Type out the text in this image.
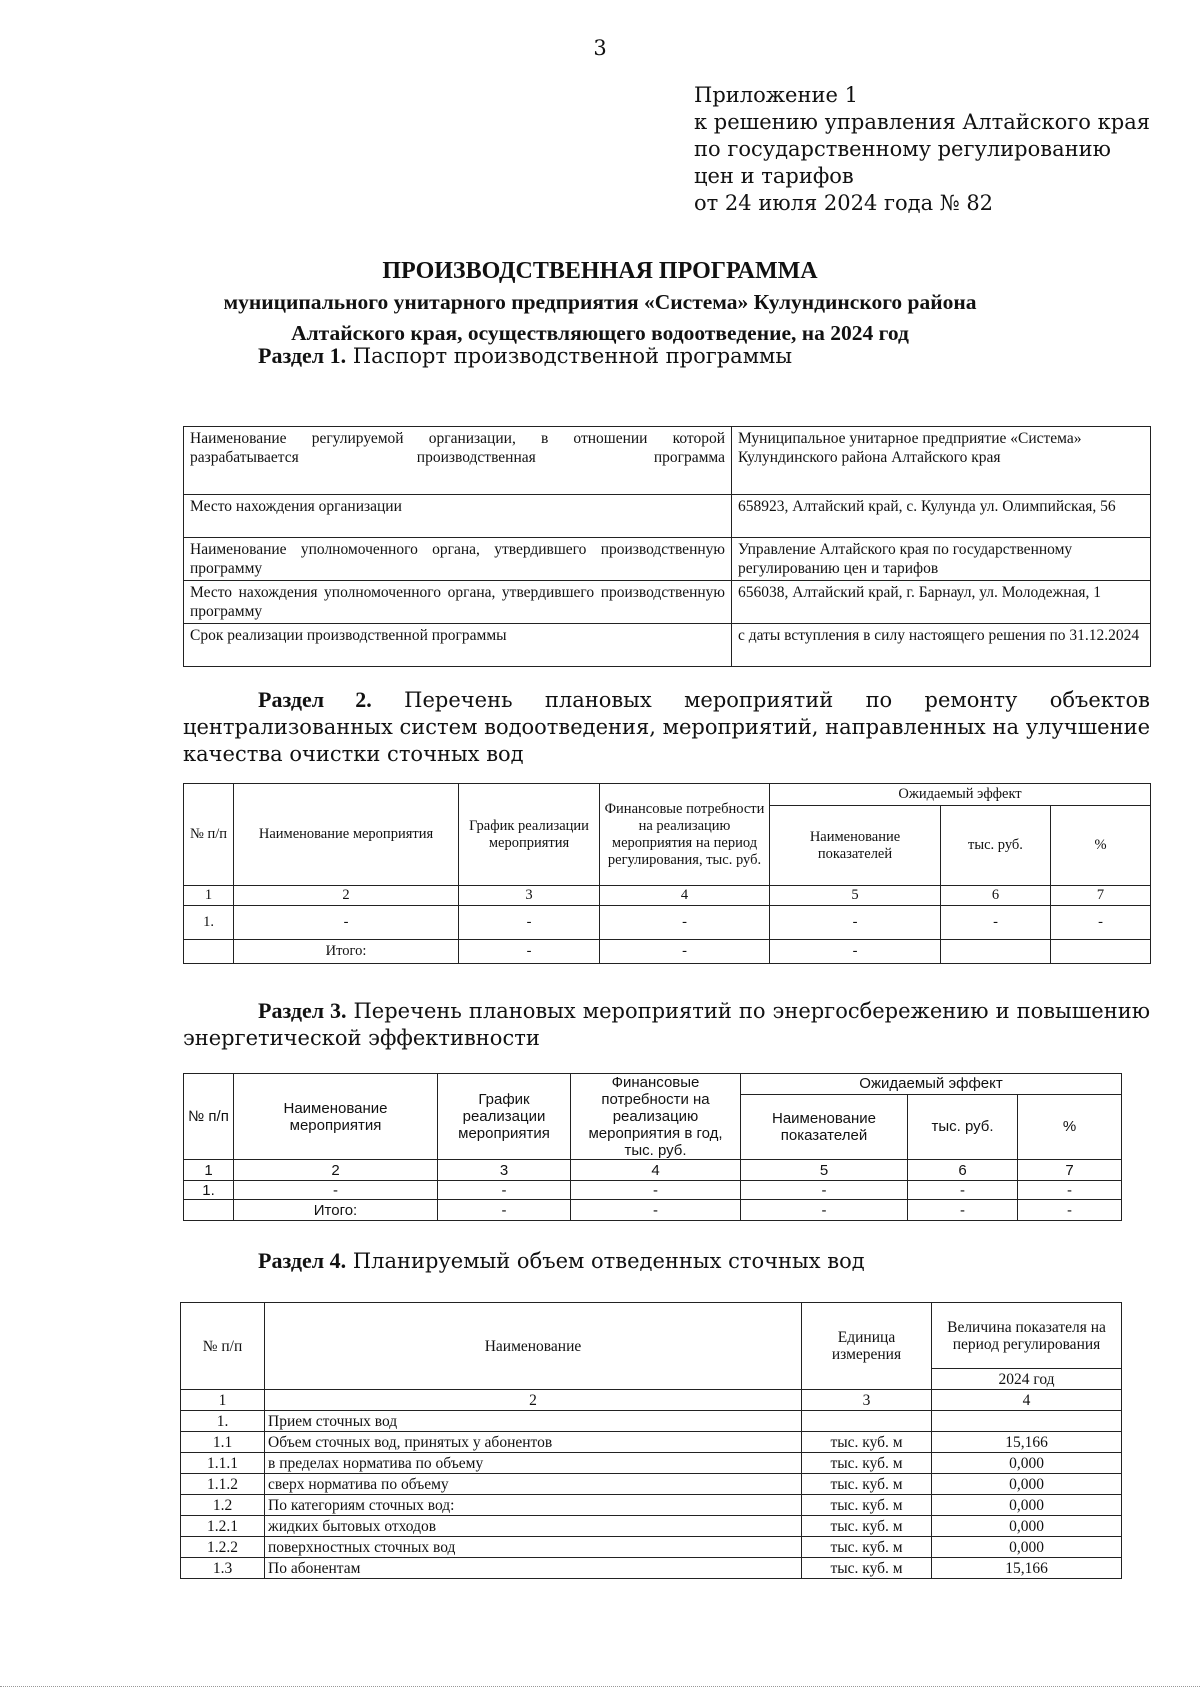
3
Приложение 1
к решению управления Алтайского края
по государственному регулированию
цен и тарифов
от 24 июля 2024 года № 82
ПРОИЗВОДСТВЕННАЯ ПРОГРАММА
муниципального унитарного предприятия «Система» Кулундинского района
Алтайского края, осуществляющего водоотведение, на 2024 год
Раздел 1. Паспорт производственной программы
Наименование регулируемой организации, в отношении которой разрабатывается производственная программа	Муниципальное унитарное предприятие «Система» Кулундинского района Алтайского края
Место нахождения организации	658923, Алтайский край, с. Кулунда ул. Олимпийская, 56
Наименование уполномоченного органа, утвердившего производственную программу	Управление Алтайского края по государственному регулированию цен и тарифов
Место нахождения уполномоченного органа, утвердившего производственную программу	656038, Алтайский край, г. Барнаул, ул. Молодежная, 1
Срок реализации производственной программы	с даты вступления в силу настоящего решения по 31.12.2024
Раздел 2. Перечень плановых мероприятий по ремонту объектов централизованных систем водоотведения, мероприятий, направленных на улучшение качества очистки сточных вод
№ п/п	Наименование мероприятия	График реализации мероприятия	Финансовые потребности на реализацию мероприятия на период регулирования, тыс. руб.	Ожидаемый эффект		
				Наименование показателей	тыс. руб.	%
1	2	3	4	5	6	7
1.	-	-	-	-	-	-
	Итого:	-	-	-		
Раздел 3. Перечень плановых мероприятий по энергосбережению и повышению энергетической эффективности
№ п/п	Наименование мероприятия	График реализации мероприятия	Финансовые потребности на реализацию мероприятия в год, тыс. руб.	Ожидаемый эффект		
				Наименование показателей	тыс. руб.	%
1	2	3	4	5	6	7
1.	-	-	-	-	-	-
	Итого:	-	-	-	-	-
Раздел 4. Планируемый объем отведенных сточных вод
№ п/п	Наименование	Единица измерения	Величина показателя на период регулирования
			2024 год
1	2	3	4
1.	Прием сточных вод		
1.1	Объем сточных вод, принятых у абонентов	тыс. куб. м	15,166
1.1.1	в пределах норматива по объему	тыс. куб. м	0,000
1.1.2	сверх норматива по объему	тыс. куб. м	0,000
1.2	По категориям сточных вод:	тыс. куб. м	0,000
1.2.1	жидких бытовых отходов	тыс. куб. м	0,000
1.2.2	поверхностных сточных вод	тыс. куб. м	0,000
1.3	По абонентам	тыс. куб. м	15,166
